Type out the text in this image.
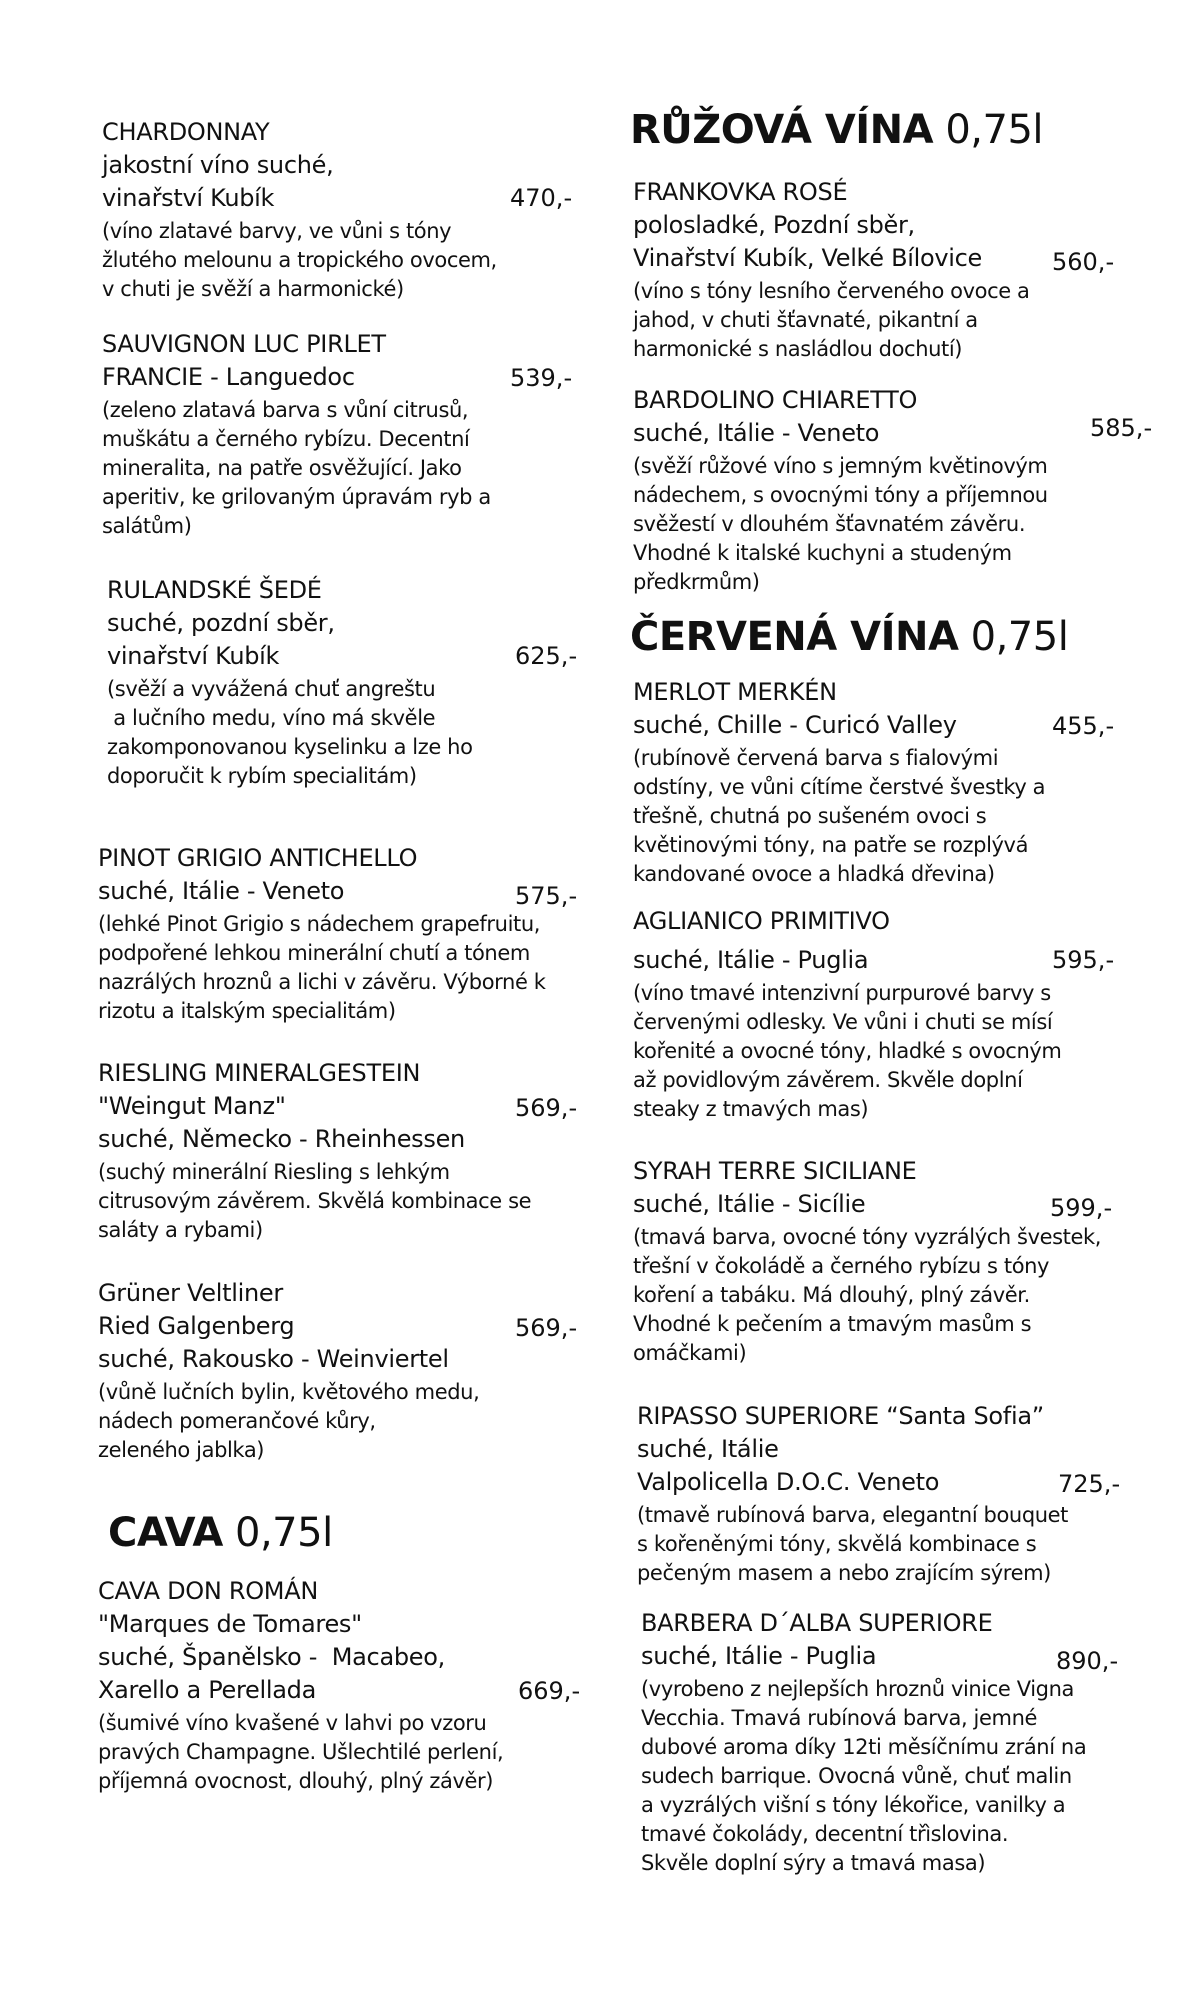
CHARDONNAY
jakostní víno suché,
vinařství Kubík
(víno zlatavé barvy, ve vůni s tóny
žlutého melounu a tropického ovocem,
v chuti je svěží a harmonické)
470,-
SAUVIGNON LUC PIRLET
FRANCIE - Languedoc
(zeleno zlatavá barva s vůní citrusů,
muškátu a černého rybízu. Decentní
mineralita, na patře osvěžující. Jako
aperitiv, ke grilovaným úpravám ryb a
salátům)
539,-
RULANDSKÉ ŠEDÉ
suché, pozdní sběr,
vinařství Kubík
(svěží a vyvážená chuť angreštu
a lučního medu, víno má skvěle
zakomponovanou kyselinku a lze ho
doporučit k rybím specialitám)
625,-
PINOT GRIGIO ANTICHELLO
suché, Itálie - Veneto
(lehké Pinot Grigio s nádechem grapefruitu,
podpořené lehkou minerální chutí a tónem
nazrálých hroznů a lichi v závěru. Výborné k
rizotu a italským specialitám)
575,-
RIESLING MINERALGESTEIN
"Weingut Manz"
suché, Německo - Rheinhessen
(suchý minerální Riesling s lehkým
citrusovým závěrem. Skvělá kombinace se
saláty a rybami)
569,-
Grüner Veltliner
Ried Galgenberg
suché, Rakousko - Weinviertel
(vůně lučních bylin, květového medu,
nádech pomerančové kůry,
zeleného jablka)
569,-
CAVA 0,75l
CAVA DON ROMÁN
"Marques de Tomares"
suché, Španělsko -  Macabeo,
Xarello a Perellada
(šumivé víno kvašené v lahvi po vzoru
pravých Champagne. Ušlechtilé perlení,
příjemná ovocnost, dlouhý, plný závěr)
669,-
RŮŽOVÁ VÍNA 0,75l
FRANKOVKA ROSÉ
polosladké, Pozdní sběr,
Vinařství Kubík, Velké Bílovice
(víno s tóny lesního červeného ovoce a
jahod, v chuti šťavnaté, pikantní a
harmonické s nasládlou dochutí)
560,-
BARDOLINO CHIARETTO
suché, Itálie - Veneto
(svěží růžové víno s jemným květinovým
nádechem, s ovocnými tóny a příjemnou
svěžestí v dlouhém šťavnatém závěru.
Vhodné k italské kuchyni a studeným
předkrmům)
585,-
ČERVENÁ VÍNA 0,75l
MERLOT MERKÉN
suché, Chille - Curicó Valley
(rubínově červená barva s fialovými
odstíny, ve vůni cítíme čerstvé švestky a
třešně, chutná po sušeném ovoci s
květinovými tóny, na patře se rozplývá
kandované ovoce a hladká dřevina)
455,-
AGLIANICO PRIMITIVO
suché, Itálie - Puglia
(víno tmavé intenzivní purpurové barvy s
červenými odlesky. Ve vůni i chuti se mísí
kořenité a ovocné tóny, hladké s ovocným
až povidlovým závěrem. Skvěle doplní
steaky z tmavých mas)
595,-
SYRAH TERRE SICILIANE
suché, Itálie - Sicílie
(tmavá barva, ovocné tóny vyzrálých švestek,
třešní v čokoládě a černého rybízu s tóny
koření a tabáku. Má dlouhý, plný závěr.
Vhodné k pečením a tmavým masům s
omáčkami)
599,-
RIPASSO SUPERIORE “Santa Sofia”
suché, Itálie
Valpolicella D.O.C. Veneto
(tmavě rubínová barva, elegantní bouquet
s kořeněnými tóny, skvělá kombinace s
pečeným masem a nebo zrajícím sýrem)
725,-
BARBERA D´ALBA SUPERIORE
suché, Itálie - Puglia
(vyrobeno z nejlepších hroznů vinice Vigna
Vecchia. Tmavá rubínová barva, jemné
dubové aroma díky 12ti měsíčnímu zrání na
sudech barrique. Ovocná vůně, chuť malin
a vyzrálých višní s tóny lékořice, vanilky a
tmavé čokolády, decentní třìslovina.
Skvěle doplní sýry a tmavá masa)
890,-
